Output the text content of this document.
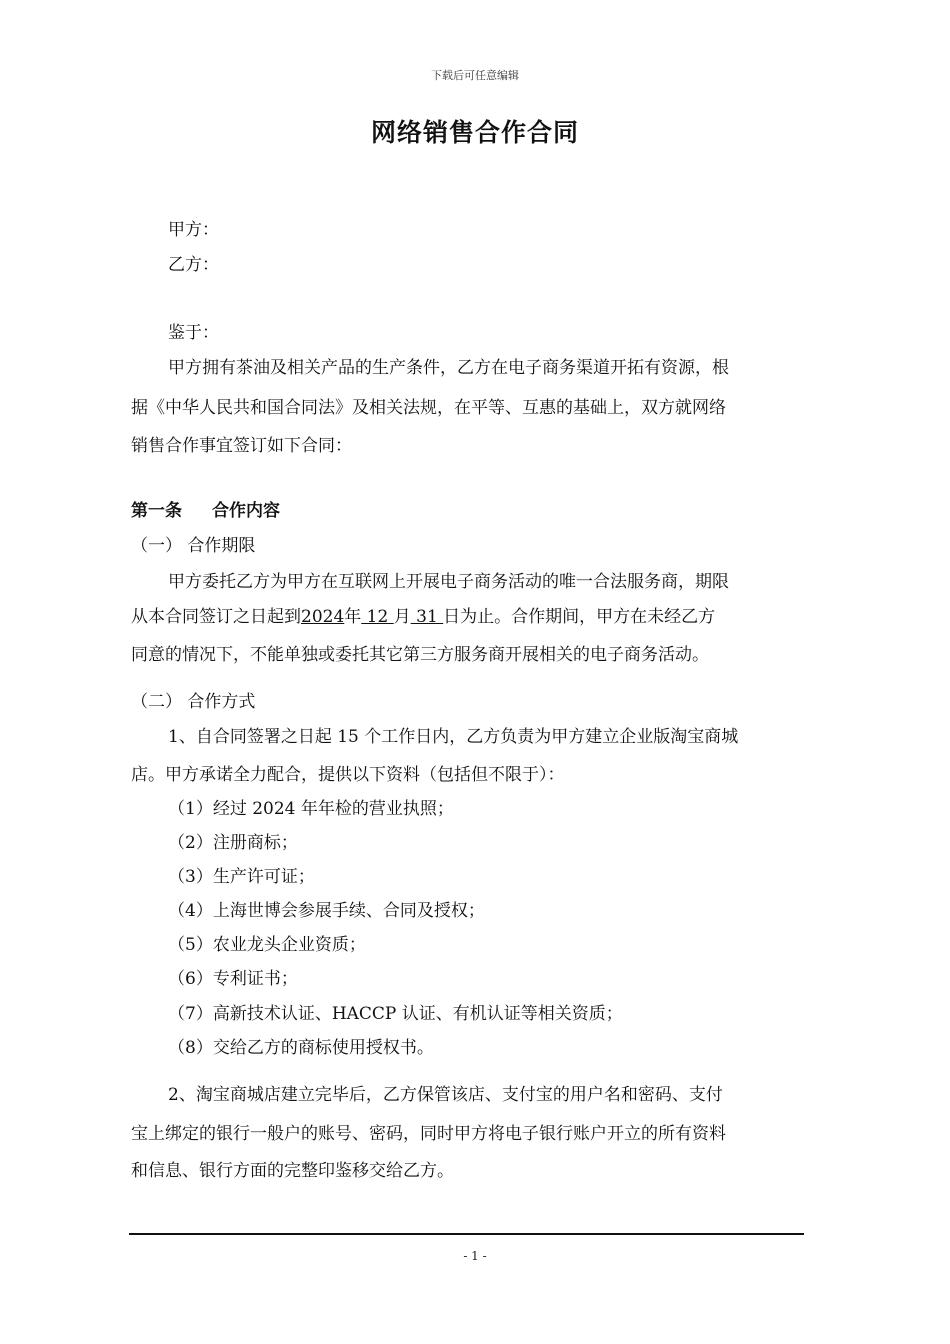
下载后可任意编辑
网络销售合作合同
甲方：
乙方：
鉴于：
甲方拥有茶油及相关产品的生产条件，乙方在电子商务渠道开拓有资源，根
据《中华人民共和国合同法》及相关法规，在平等、互惠的基础上，双方就网络
销售合作事宜签订如下合同：
第一条 合作内容
（一） 合作期限
甲方委托乙方为甲方在互联网上开展电子商务活动的唯一合法服务商，期限
从本合同签订之日起到2024年 12 月 31 日为止。合作期间，甲方在未经乙方
同意的情况下，不能单独或委托其它第三方服务商开展相关的电子商务活动。
（二） 合作方式
1、自合同签署之日起 15 个工作日内，乙方负责为甲方建立企业版淘宝商城
店。甲方承诺全力配合，提供以下资料（包括但不限于）：
（1）经过 2024 年年检的营业执照；
（2）注册商标；
（3）生产许可证；
（4）上海世博会参展手续、合同及授权；
（5）农业龙头企业资质；
（6）专利证书；
（7）高新技术认证、HACCP 认证、有机认证等相关资质；
（8）交给乙方的商标使用授权书。
2、淘宝商城店建立完毕后，乙方保管该店、支付宝的用户名和密码、支付
宝上绑定的银行一般户的账号、密码，同时甲方将电子银行账户开立的所有资料
和信息、银行方面的完整印鉴移交给乙方。
- 1 -
